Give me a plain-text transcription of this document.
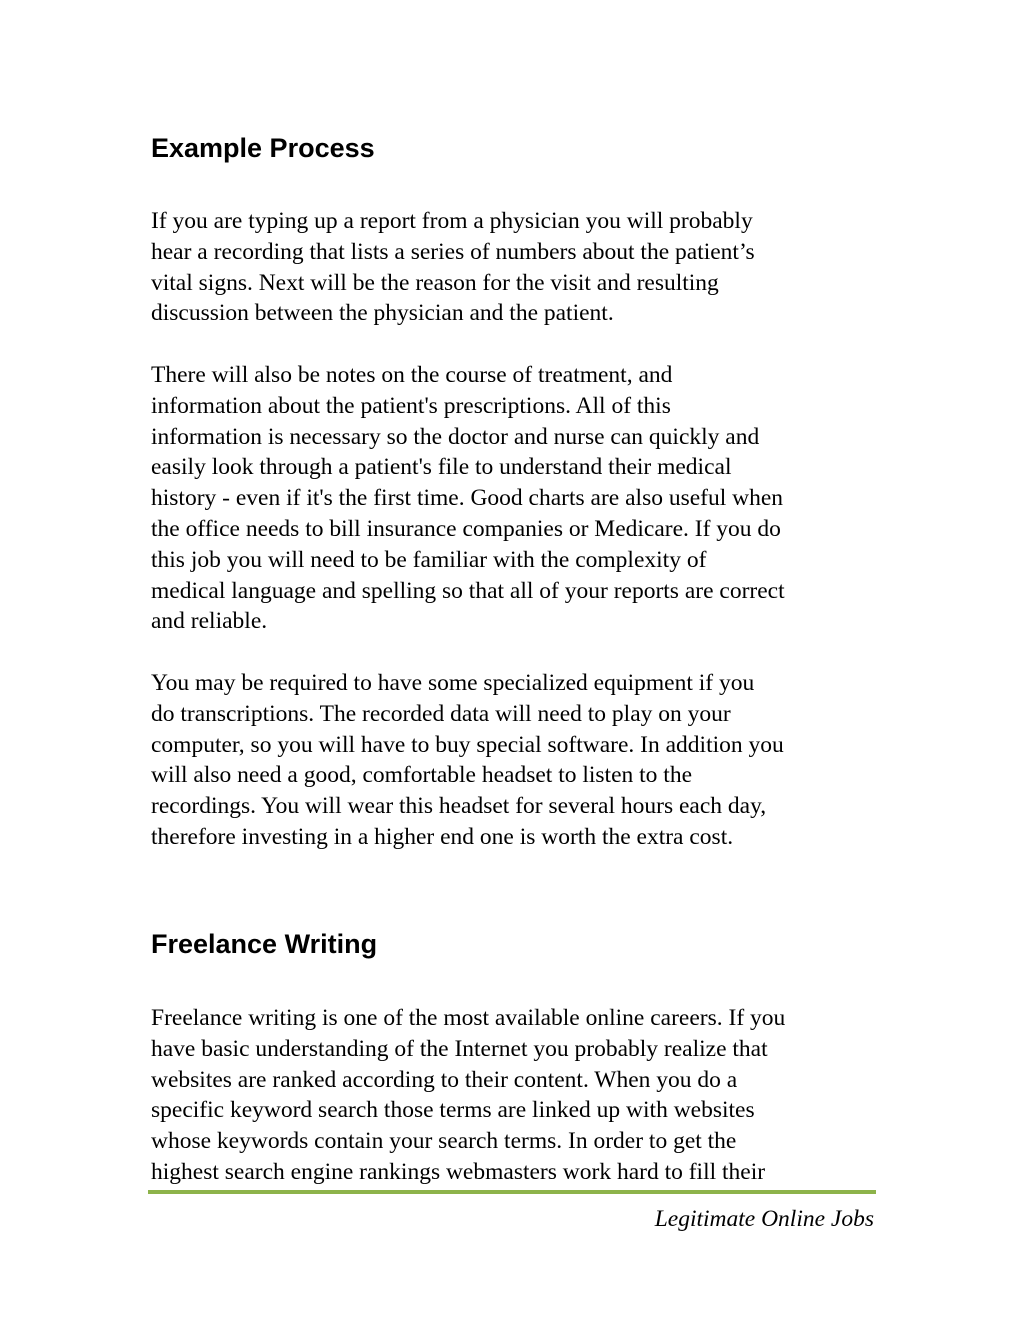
Example Process

If you are typing up a report from a physician you will probably
hear a recording that lists a series of numbers about the patient’s
vital signs. Next will be the reason for the visit and resulting
discussion between the physician and the patient.

There will also be notes on the course of treatment, and
information about the patient's prescriptions. All of this
information is necessary so the doctor and nurse can quickly and
easily look through a patient's file to understand their medical
history - even if it's the first time. Good charts are also useful when
the office needs to bill insurance companies or Medicare. If you do
this job you will need to be familiar with the complexity of
medical language and spelling so that all of your reports are correct
and reliable.

You may be required to have some specialized equipment if you
do transcriptions. The recorded data will need to play on your
computer, so you will have to buy special software. In addition you
will also need a good, comfortable headset to listen to the
recordings. You will wear this headset for several hours each day,
therefore investing in a higher end one is worth the extra cost.

Freelance Writing

Freelance writing is one of the most available online careers. If you
have basic understanding of the Internet you probably realize that
websites are ranked according to their content. When you do a
specific keyword search those terms are linked up with websites
whose keywords contain your search terms. In order to get the
highest search engine rankings webmasters work hard to fill their

Legitimate Online Jobs
